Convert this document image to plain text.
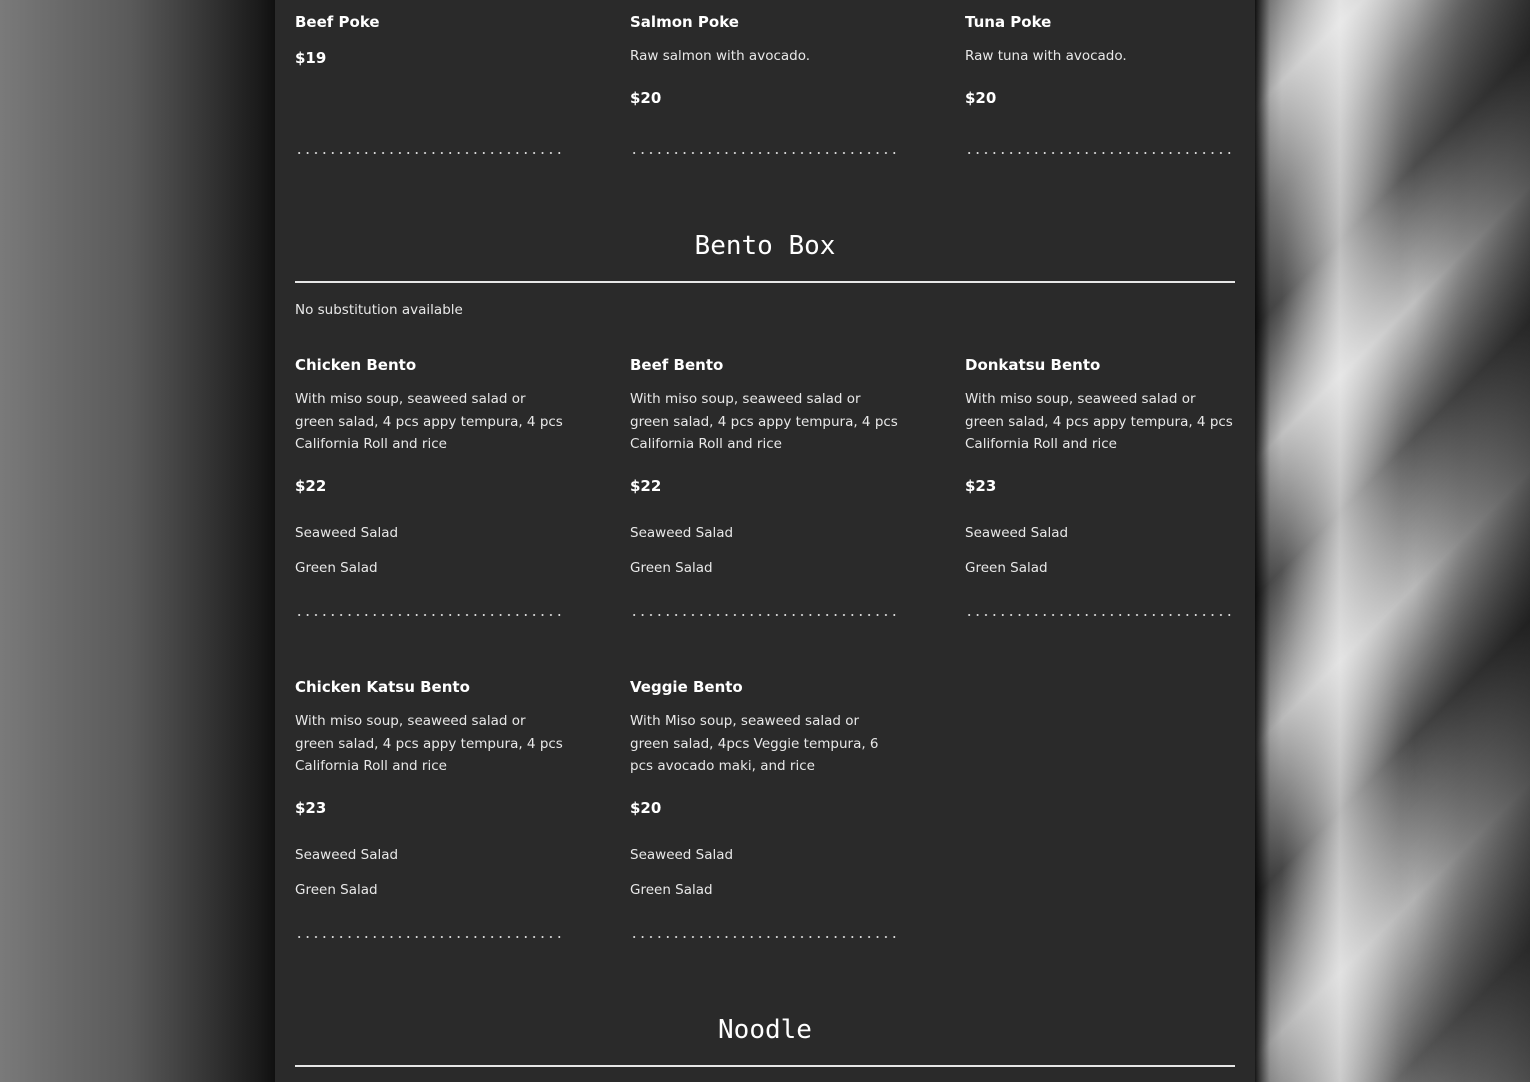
Beef Poke
$19
Salmon Poke
Raw salmon with avocado.
$20
Tuna Poke
Raw tuna with avocado.
$20
Bento Box
No substitution available
Chicken Bento
With miso soup, seaweed salad or green salad, 4 pcs appy tempura, 4 pcs California Roll and rice
$22
Seaweed Salad
Green Salad
Beef Bento
With miso soup, seaweed salad or green salad, 4 pcs appy tempura, 4 pcs California Roll and rice
$22
Seaweed Salad
Green Salad
Donkatsu Bento
With miso soup, seaweed salad or green salad, 4 pcs appy tempura, 4 pcs California Roll and rice
$23
Seaweed Salad
Green Salad
Chicken Katsu Bento
With miso soup, seaweed salad or green salad, 4 pcs appy tempura, 4 pcs California Roll and rice
$23
Seaweed Salad
Green Salad
Veggie Bento
With Miso soup, seaweed salad or green salad, 4pcs Veggie tempura, 6 pcs avocado maki, and rice
$20
Seaweed Salad
Green Salad
Noodle
